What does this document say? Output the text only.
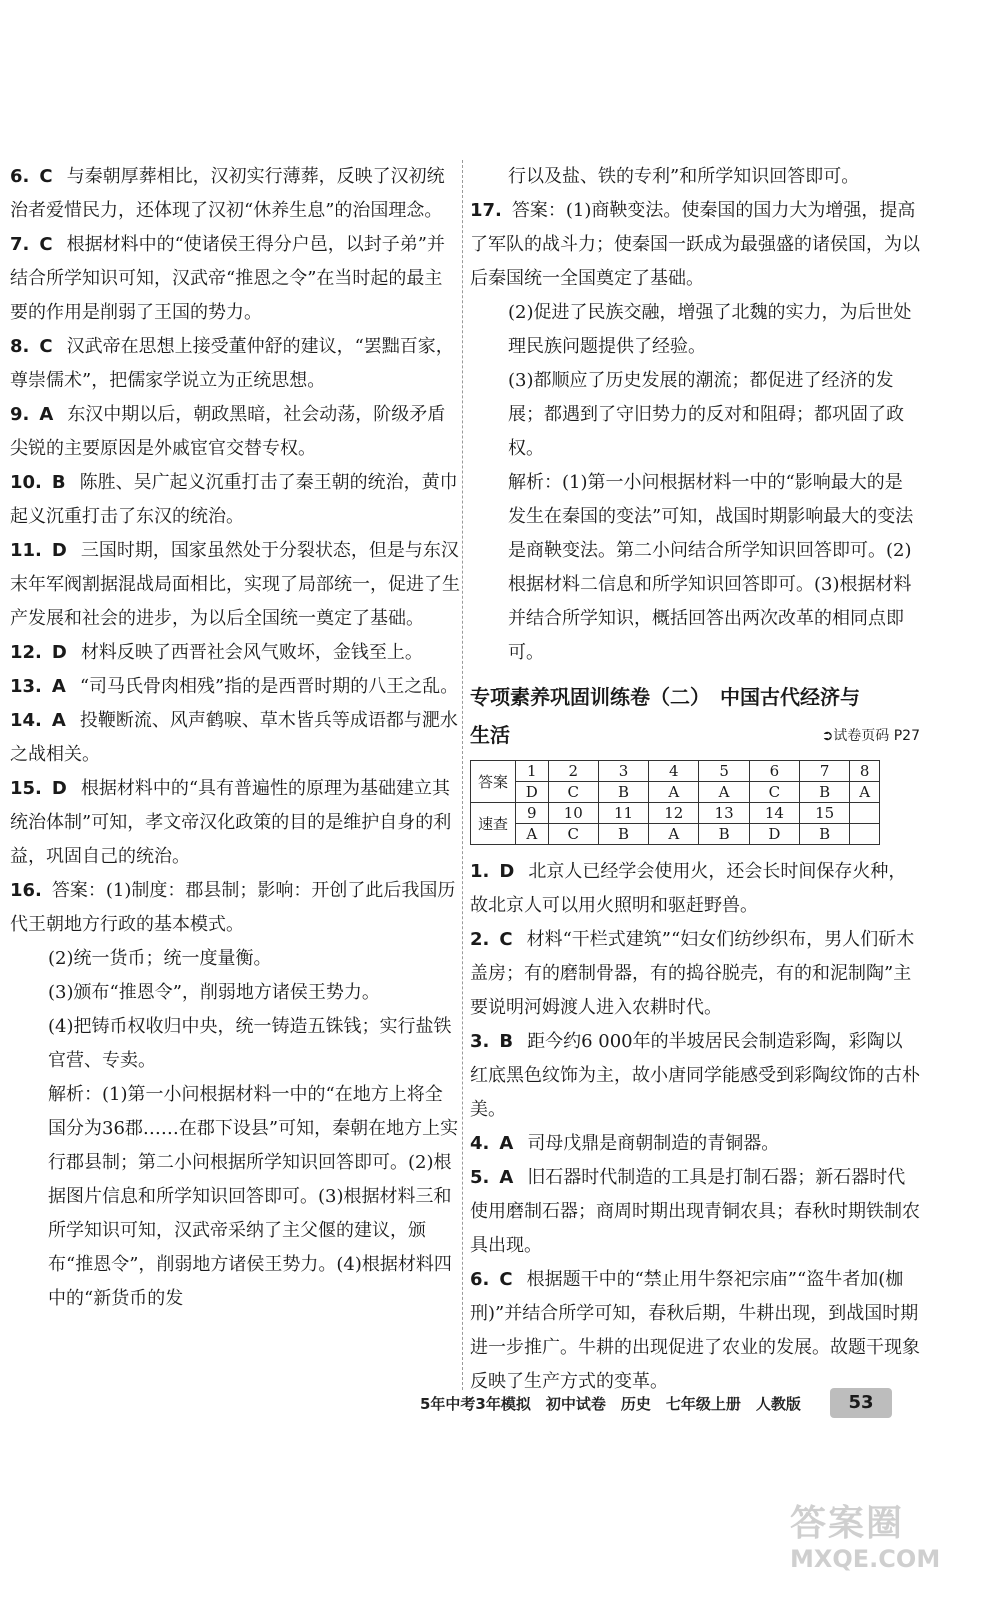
6. C 与秦朝厚葬相比，汉初实行薄葬，反映了汉初统治者爱惜民力，还体现了汉初“休养生息”的治国理念。

7. C 根据材料中的“使诸侯王得分户邑，以封子弟”并结合所学知识可知，汉武帝“推恩之令”在当时起的最主要的作用是削弱了王国的势力。

8. C 汉武帝在思想上接受董仲舒的建议，“罢黜百家，尊崇儒术”，把儒家学说立为正统思想。

9. A 东汉中期以后，朝政黑暗，社会动荡，阶级矛盾尖锐的主要原因是外戚宦官交替专权。

10. B 陈胜、吴广起义沉重打击了秦王朝的统治，黄巾起义沉重打击了东汉的统治。

11. D 三国时期，国家虽然处于分裂状态，但是与东汉末年军阀割据混战局面相比，实现了局部统一，促进了生产发展和社会的进步，为以后全国统一奠定了基础。

12. D 材料反映了西晋社会风气败坏，金钱至上。

13. A “司马氏骨肉相残”指的是西晋时期的八王之乱。

14. A 投鞭断流、风声鹤唳、草木皆兵等成语都与淝水之战相关。

15. D 根据材料中的“具有普遍性的原理为基础建立其统治体制”可知，孝文帝汉化政策的目的是维护自身的利益，巩固自己的统治。

16. 答案：(1)制度：郡县制；影响：开创了此后我国历代王朝地方行政的基本模式。

(2)统一货币；统一度量衡。
(3)颁布“推恩令”，削弱地方诸侯王势力。
(4)把铸币权收归中央，统一铸造五铢钱；实行盐铁官营、专卖。
解析：(1)第一小问根据材料一中的“在地方上将全国分为36郡……在郡下设县”可知，秦朝在地方上实行郡县制；第二小问根据所学知识回答即可。(2)根据图片信息和所学知识回答即可。(3)根据材料三和所学知识可知，汉武帝采纳了主父偃的建议，颁布“推恩令”，削弱地方诸侯王势力。(4)根据材料四中的“新货币的发

行以及盐、铁的专利”和所学知识回答即可。

17. 答案：(1)商鞅变法。使秦国的国力大为增强，提高了军队的战斗力；使秦国一跃成为最强盛的诸侯国，为以后秦国统一全国奠定了基础。

(2)促进了民族交融，增强了北魏的实力，为后世处理民族问题提供了经验。
(3)都顺应了历史发展的潮流；都促进了经济的发展；都遇到了守旧势力的反对和阻碍；都巩固了政权。
解析：(1)第一小问根据材料一中的“影响最大的是发生在秦国的变法”可知，战国时期影响最大的变法是商鞅变法。第二小问结合所学知识回答即可。(2)根据材料二信息和所学知识回答即可。(3)根据材料并结合所学知识，概括回答出两次改革的相同点即可。
专项素养巩固训练卷（二）　中国古代经济与
生活	➲试卷页码 P27
答案	1	2	3	4	5	6	7	8
	D	C	B	A	A	C	B	A
速查	9	10	11	12	13	14	15	
	A	C	B	A	B	D	B	

1. D 北京人已经学会使用火，还会长时间保存火种，故北京人可以用火照明和驱赶野兽。

2. C 材料“干栏式建筑”“妇女们纺纱织布，男人们斫木盖房；有的磨制骨器，有的捣谷脱壳，有的和泥制陶”主要说明河姆渡人进入农耕时代。

3. B 距今约6 000年的半坡居民会制造彩陶，彩陶以红底黑色纹饰为主，故小唐同学能感受到彩陶纹饰的古朴美。

4. A 司母戊鼎是商朝制造的青铜器。

5. A 旧石器时代制造的工具是打制石器；新石器时代使用磨制石器；商周时期出现青铜农具；春秋时期铁制农具出现。

6. C 根据题干中的“禁止用牛祭祀宗庙”“盗牛者加(枷刑)”并结合所学可知，春秋后期，牛耕出现，到战国时期进一步推广。牛耕的出现促进了农业的发展。故题干现象反映了生产方式的变革。

5年中考3年模拟　初中试卷　历史　七年级上册　人教版	53
答案圈
MXQE.COM
